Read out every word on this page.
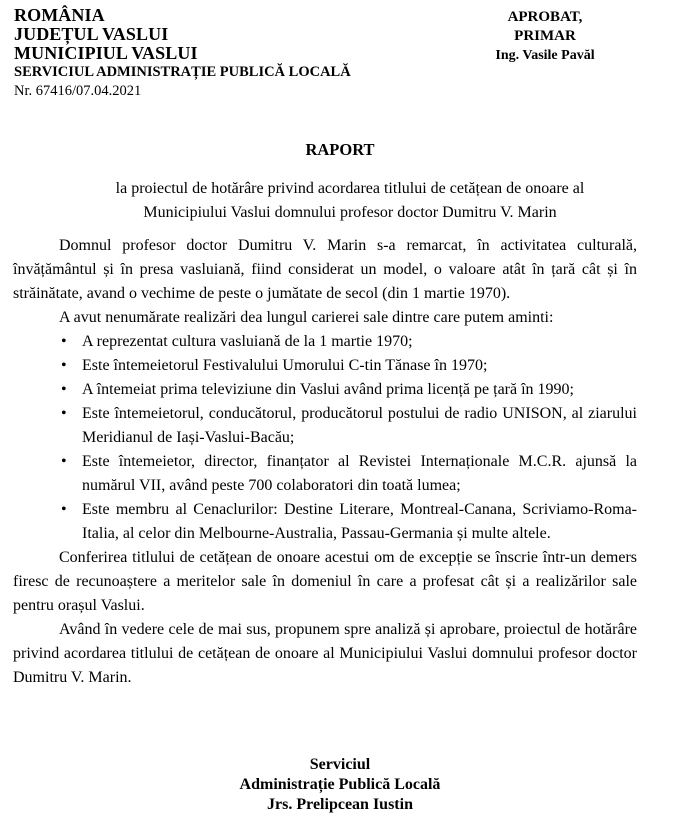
ROMÂNIA
JUDEȚUL VASLUI
MUNICIPIUL VASLUI
SERVICIUL ADMINISTRAȚIE PUBLICĂ LOCALĂ
Nr. 67416/07.04.2021
APROBAT,
PRIMAR
Ing. Vasile Pavăl
RAPORT
la proiectul de hotărâre privind acordarea titlului de cetățean de onoare al
Municipiului Vaslui domnului profesor doctor Dumitru V. Marin

Domnul profesor doctor Dumitru V. Marin s-a remarcat, în activitatea culturală, învățământul și în presa vasluiană, fiind considerat un model, o valoare atât în țară cât și în străinătate, avand o vechime de peste o jumătate de secol (din 1 martie 1970).

A avut nenumărate realizări dea lungul carierei sale dintre care putem aminti:

• A reprezentat cultura vasluiană de la 1 martie 1970;
• Este întemeietorul Festivalului Umorului C-tin Tănase în 1970;
• A întemeiat prima televiziune din Vaslui având prima licență pe țară în 1990;
• Este întemeietorul, conducătorul, producătorul postului de radio UNISON, al ziarului Meridianul de Iași-Vaslui-Bacău;
• Este întemeietor, director, finanțator al Revistei Internaționale M.C.R. ajunsă la numărul VII, având peste 700 colaboratori din toată lumea;
• Este membru al Cenaclurilor: Destine Literare, Montreal-Canana, Scriviamo-Roma-Italia, al celor din Melbourne-Australia, Passau-Germania și multe altele.

Conferirea titlului de cetățean de onoare acestui om de excepție se înscrie într-un demers firesc de recunoaștere a meritelor sale în domeniul în care a profesat cât și a realizărilor sale pentru orașul Vaslui.

Având în vedere cele de mai sus, propunem spre analiză și aprobare, proiectul de hotărâre privind acordarea titlului de cetățean de onoare al Municipiului Vaslui domnului profesor doctor Dumitru V. Marin.

Serviciul
Administrație Publică Locală
Jrs. Prelipcean Iustin
